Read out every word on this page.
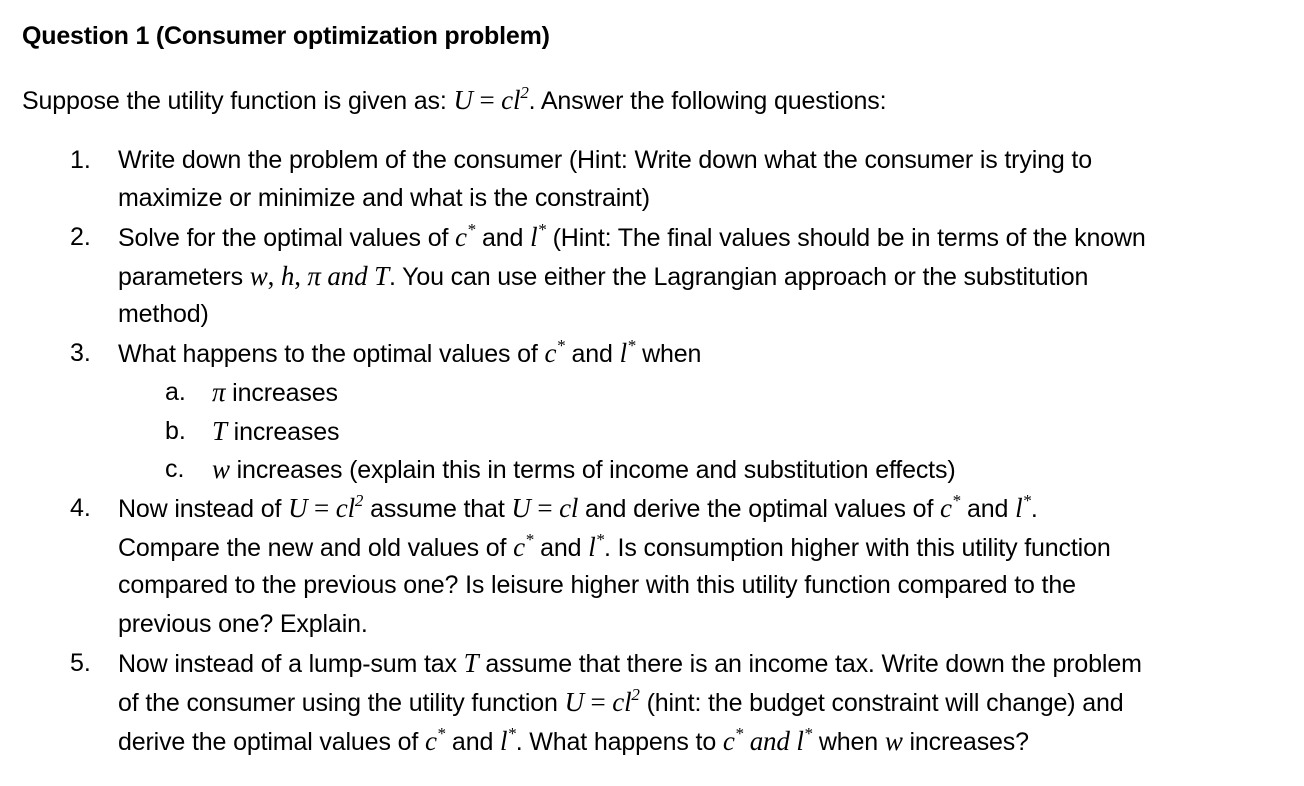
Question 1 (Consumer optimization problem)
Suppose the utility function is given as: $U = cl^2$. Answer the following questions:
1. Write down the problem of the consumer (Hint: Write down what the consumer is trying to
maximize or minimize and what is the constraint)
2. Solve for the optimal values of c* and l* (Hint: The final values should be in terms of the known
parameters w, h, π and T. You can use either the Lagrangian approach or the substitution
method)
3. What happens to the optimal values of c* and l* when
a. π increases
b. T increases
c. w increases (explain this in terms of income and substitution effects)
4. Now instead of $U = cl^2$ assume that U = cl and derive the optimal values of c* and l*.
Compare the new and old values of c* and l*. Is consumption higher with this utility function
compared to the previous one? Is leisure higher with this utility function compared to the
previous one? Explain.
5. Now instead of a lump-sum tax T assume that there is an income tax. Write down the problem
of the consumer using the utility function $U = cl^2$ (hint: the budget constraint will change) and
derive the optimal values of c* and l*. What happens to c* and l* when w increases?
